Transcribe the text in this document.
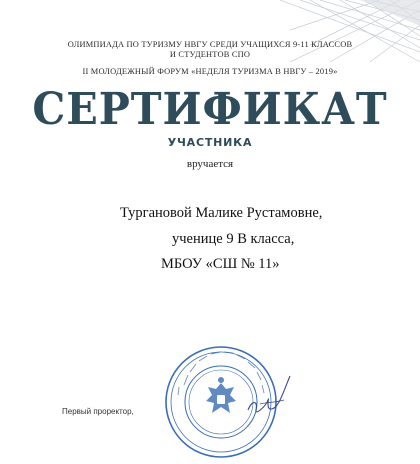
ОЛИМПИАДА ПО ТУРИЗМУ НВГУ СРЕДИ УЧАЩИХСЯ 9-11 КЛАССОВ
И СТУДЕНТОВ СПО
II МОЛОДЕЖНЫЙ ФОРУМ «НЕДЕЛЯ ТУРИЗМА В НВГУ – 2019»
СЕРТИФИКАТ
УЧАСТНИКА
вручается
Тургановой Малике Рустамовне,
ученице 9 В класса,
МБОУ «СШ № 11»
Первый проректор,
